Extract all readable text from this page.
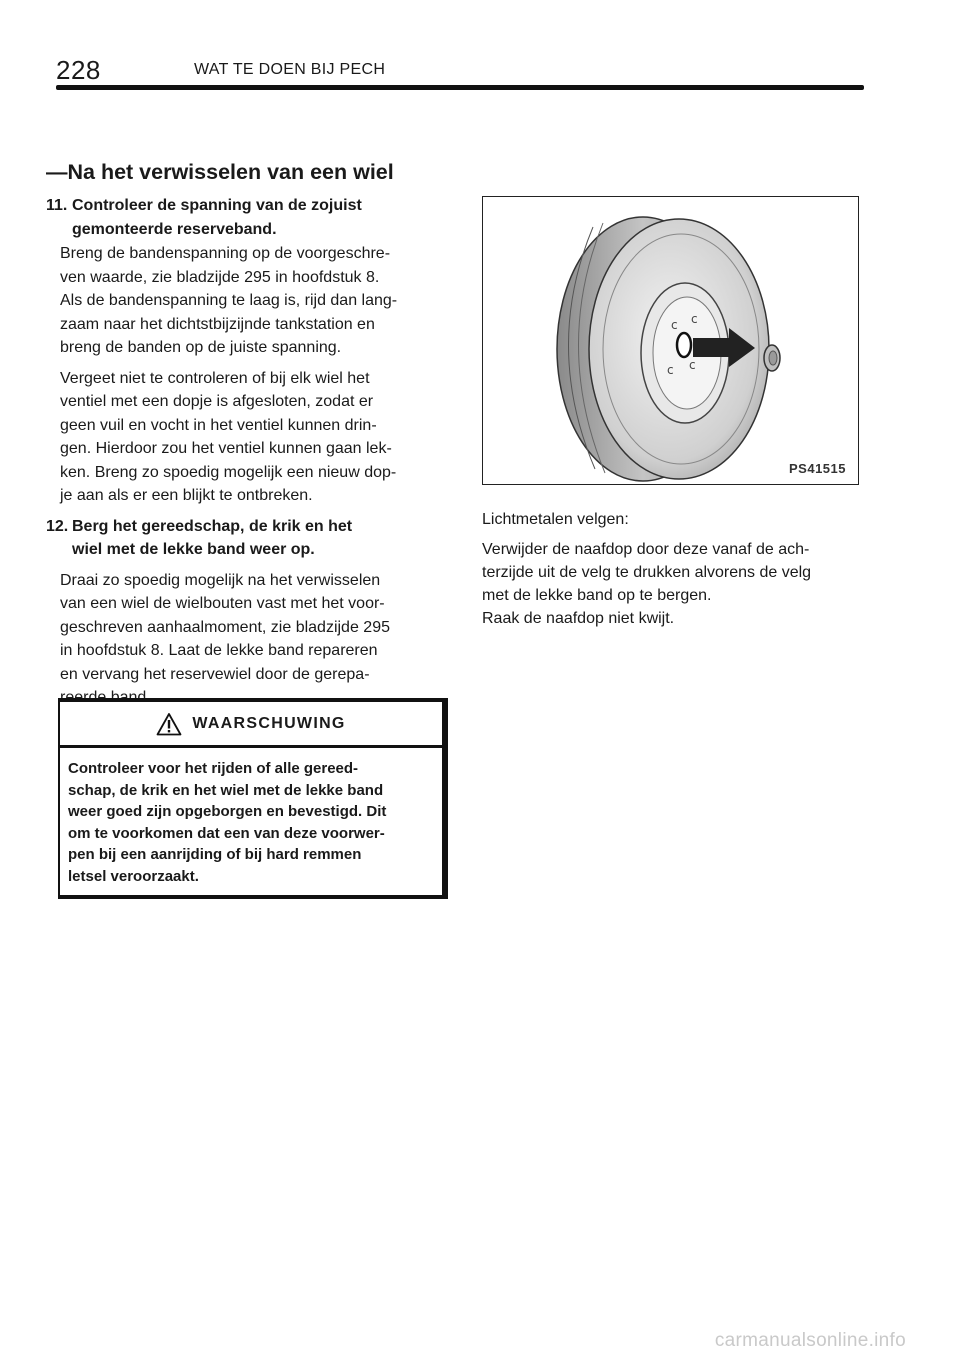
228	WAT TE DOEN BIJ PECH
—Na het verwisselen van een wiel
11. Controleer de spanning van de zojuist
gemonteerde reserveband.
Breng de bandenspanning op de voorgeschre-
ven waarde, zie bladzijde 295 in hoofdstuk 8.
Als de bandenspanning te laag is, rijd dan lang-
zaam naar het dichtstbijzijnde tankstation en
breng de banden op de juiste spanning.
Vergeet niet te controleren of bij elk wiel het
ventiel met een dopje is afgesloten, zodat er
geen vuil en vocht in het ventiel kunnen drin-
gen. Hierdoor zou het ventiel kunnen gaan lek-
ken. Breng zo spoedig mogelijk een nieuw dop-
je aan als er een blijkt te ontbreken.
12. Berg het gereedschap, de krik en het
wiel met de lekke band weer op.
Draai zo spoedig mogelijk na het verwisselen
van een wiel de wielbouten vast met het voor-
geschreven aanhaalmoment, zie bladzijde 295
in hoofdstuk 8. Laat de lekke band repareren
en vervang het reservewiel door de gerepa-
reerde band.
WAARSCHUWING
Controleer voor het rijden of alle gereed-
schap, de krik en het wiel met de lekke band
weer goed zijn opgeborgen en bevestigd. Dit
om te voorkomen dat een van deze voorwer-
pen bij een aanrijding of bij hard remmen
letsel veroorzaakt.
c c
c c
PS41515

Lichtmetalen velgen:

Verwijder de naafdop door deze vanaf de ach-
terzijde uit de velg te drukken alvorens de velg
met de lekke band op te bergen.

Raak de naafdop niet kwijt.

carmanualsonline.info
